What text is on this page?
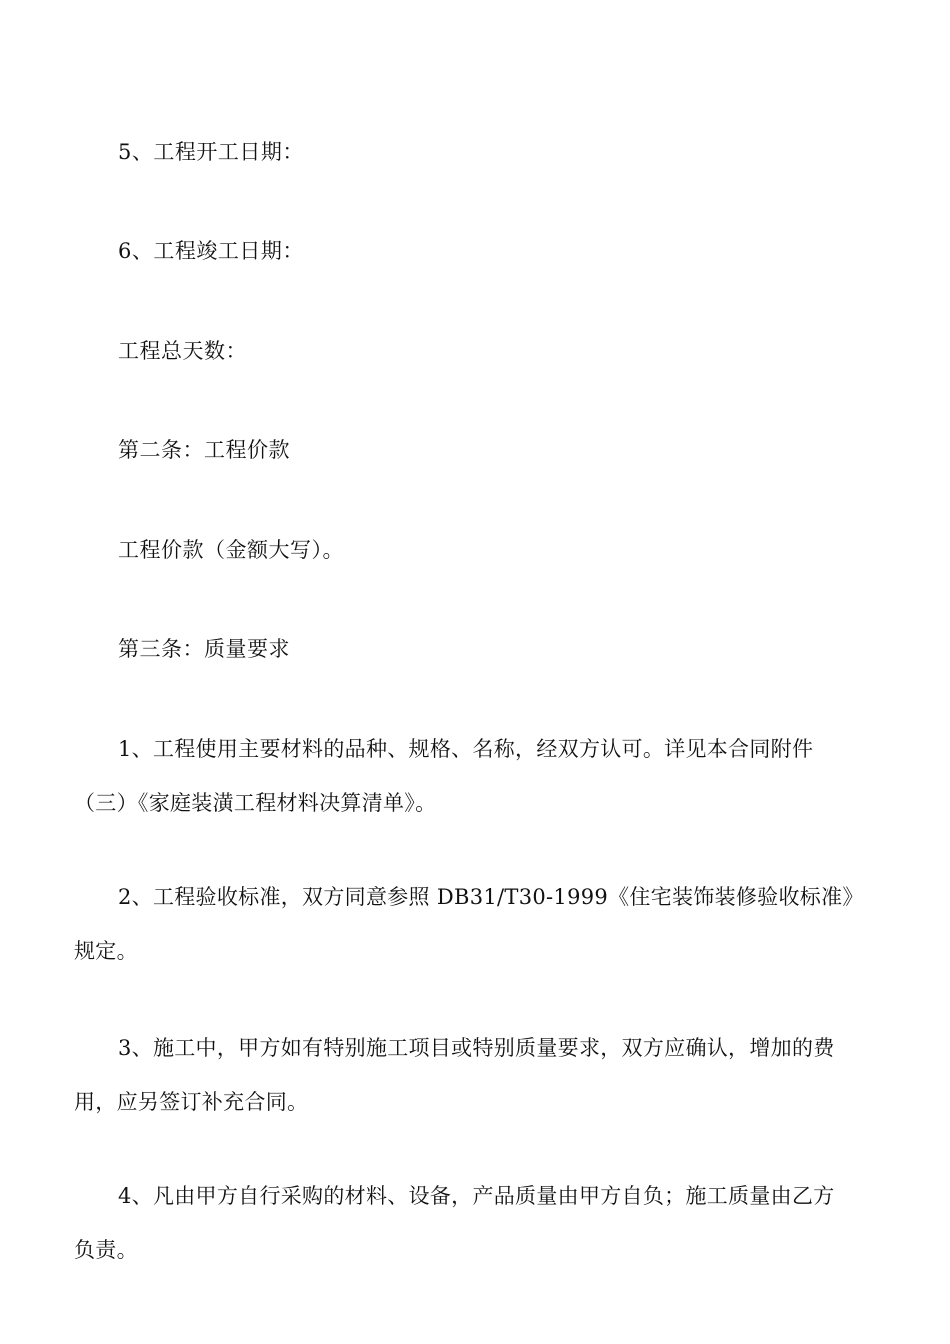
5、工程开工日期：
6、工程竣工日期：
工程总天数：
第二条：工程价款
工程价款（金额大写）。
第三条：质量要求
1、工程使用主要材料的品种、规格、名称，经双方认可。详见本合同附件
（三）《家庭装潢工程材料决算清单》。
2、工程验收标准，双方同意参照 DB31/T30-1999《住宅装饰装修验收标准》
规定。
3、施工中，甲方如有特别施工项目或特别质量要求，双方应确认，增加的费
用，应另签订补充合同。
4、凡由甲方自行采购的材料、设备，产品质量由甲方自负；施工质量由乙方
负责。
